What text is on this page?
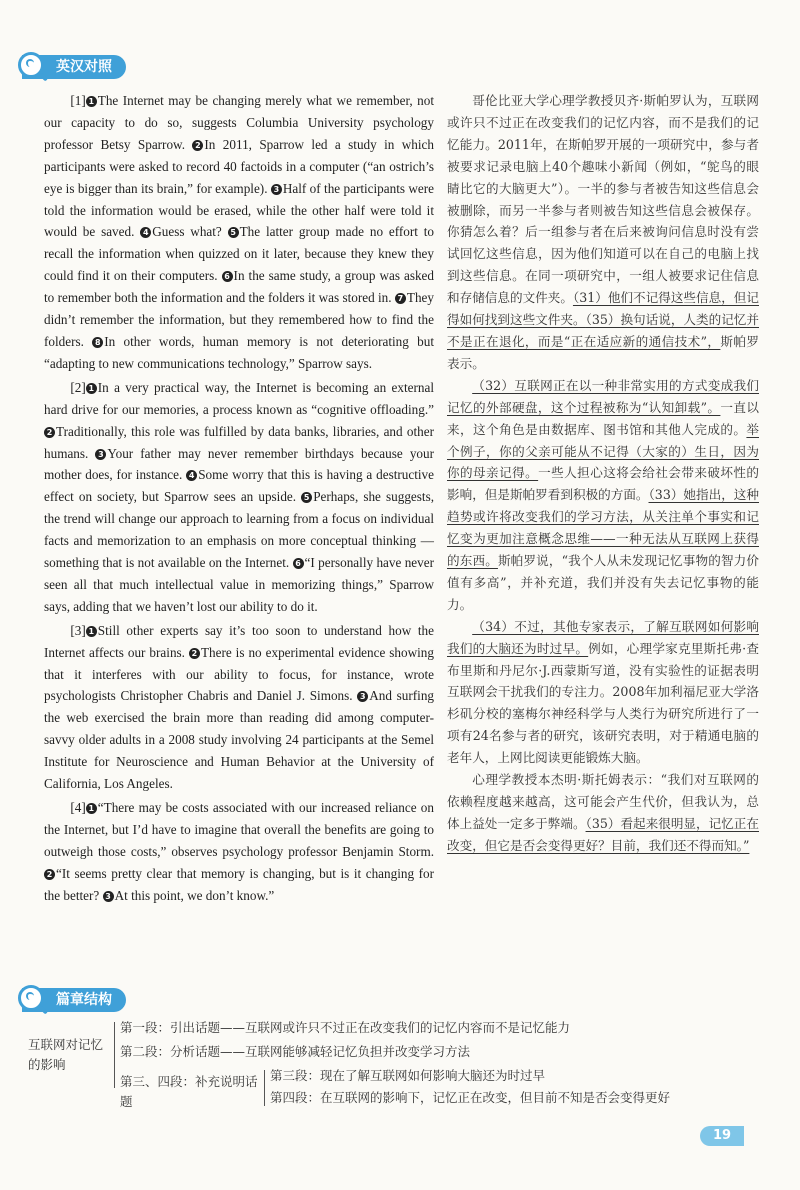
英汉对照

[1] 1 The Internet may be changing merely what we remember, not our capacity to do so, suggests Columbia University psychology professor Betsy Sparrow. 2 In 2011, Sparrow led a study in which participants were asked to record 40 factoids in a computer (“an ostrich’s eye is bigger than its brain,” for example). 3 Half of the participants were told the information would be erased, while the other half were told it would be saved. 4 Guess what? 5 The latter group made no effort to recall the information when quizzed on it later, because they knew they could find it on their computers. 6 In the same study, a group was asked to remember both the information and the folders it was stored in. 7 They didn’t remember the information, but they remembered how to find the folders. 8 In other words, human memory is not deteriorating but “adapting to new communications technology,” Sparrow says.

[2] 1 In a very practical way, the Internet is becoming an external hard drive for our memories, a process known as “cognitive offloading.” 2 Traditionally, this role was fulfilled by data banks, libraries, and other humans. 3 Your father may never remember birthdays because your mother does, for instance. 4 Some worry that this is having a destructive effect on society, but Sparrow sees an upside. 5 Perhaps, she suggests, the trend will change our approach to learning from a focus on individual facts and memorization to an emphasis on more conceptual thinking — something that is not available on the Internet. 6 “I personally have never seen all that much intellectual value in memorizing things,” Sparrow says, adding that we haven’t lost our ability to do it.

[3] 1 Still other experts say it’s too soon to understand how the Internet affects our brains. 2 There is no experimental evidence showing that it interferes with our ability to focus, for instance, wrote psychologists Christopher Chabris and Daniel J. Simons. 3 And surfing the web exercised the brain more than reading did among computer-savvy older adults in a 2008 study involving 24 participants at the Semel Institute for Neuroscience and Human Behavior at the University of California, Los Angeles.

[4] 1 “There may be costs associated with our increased reliance on the Internet, but I’d have to imagine that overall the benefits are going to outweigh those costs,” observes psychology professor Benjamin Storm. 2 “It seems pretty clear that memory is changing, but is it changing for the better? 3 At this point, we don’t know.”

哥伦比亚大学心理学教授贝齐·斯帕罗认为，互联网或许只不过正在改变我们的记忆内容，而不是我们的记忆能力。2011年，在斯帕罗开展的一项研究中，参与者被要求记录电脑上40个趣味小新闻（例如，“鸵鸟的眼睛比它的大脑更大”）。一半的参与者被告知这些信息会被删除，而另一半参与者则被告知这些信息会被保存。你猜怎么着？后一组参与者在后来被询问信息时没有尝试回忆这些信息，因为他们知道可以在自己的电脑上找到这些信息。在同一项研究中，一组人被要求记住信息和存储信息的文件夹。（31）他们不记得这些信息，但记得如何找到这些文件夹。（35）换句话说，人类的记忆并不是正在退化，而是“正在适应新的通信技术”，斯帕罗表示。

（32）互联网正在以一种非常实用的方式变成我们记忆的外部硬盘，这个过程被称为“认知卸载”。一直以来，这个角色是由数据库、图书馆和其他人完成的。举个例子，你的父亲可能从不记得（大家的）生日，因为你的母亲记得。一些人担心这将会给社会带来破坏性的影响，但是斯帕罗看到积极的方面。（33）她指出，这种趋势或许将改变我们的学习方法，从关注单个事实和记忆变为更加注意概念思维——一种无法从互联网上获得的东西。斯帕罗说，“我个人从未发现记忆事物的智力价值有多高”，并补充道，我们并没有失去记忆事物的能力。

（34）不过，其他专家表示，了解互联网如何影响我们的大脑还为时过早。例如，心理学家克里斯托弗·查布里斯和丹尼尔·J.西蒙斯写道，没有实验性的证据表明互联网会干扰我们的专注力。2008年加利福尼亚大学洛杉矶分校的塞梅尔神经科学与人类行为研究所进行了一项有24名参与者的研究，该研究表明，对于精通电脑的老年人，上网比阅读更能锻炼大脑。

心理学教授本杰明·斯托姆表示：“我们对互联网的依赖程度越来越高，这可能会产生代价，但我认为，总体上益处一定多于弊端。（35）看起来很明显，记忆正在改变，但它是否会变得更好？目前，我们还不得而知。”

篇章结构
互联网对记忆的影响
第一段：引出话题——互联网或许只不过正在改变我们的记忆内容而不是记忆能力
第二段：分析话题——互联网能够减轻记忆负担并改变学习方法
第三、四段：补充说明话题
第三段：现在了解互联网如何影响大脑还为时过早
第四段：在互联网的影响下，记忆正在改变，但目前不知是否会变得更好
19
